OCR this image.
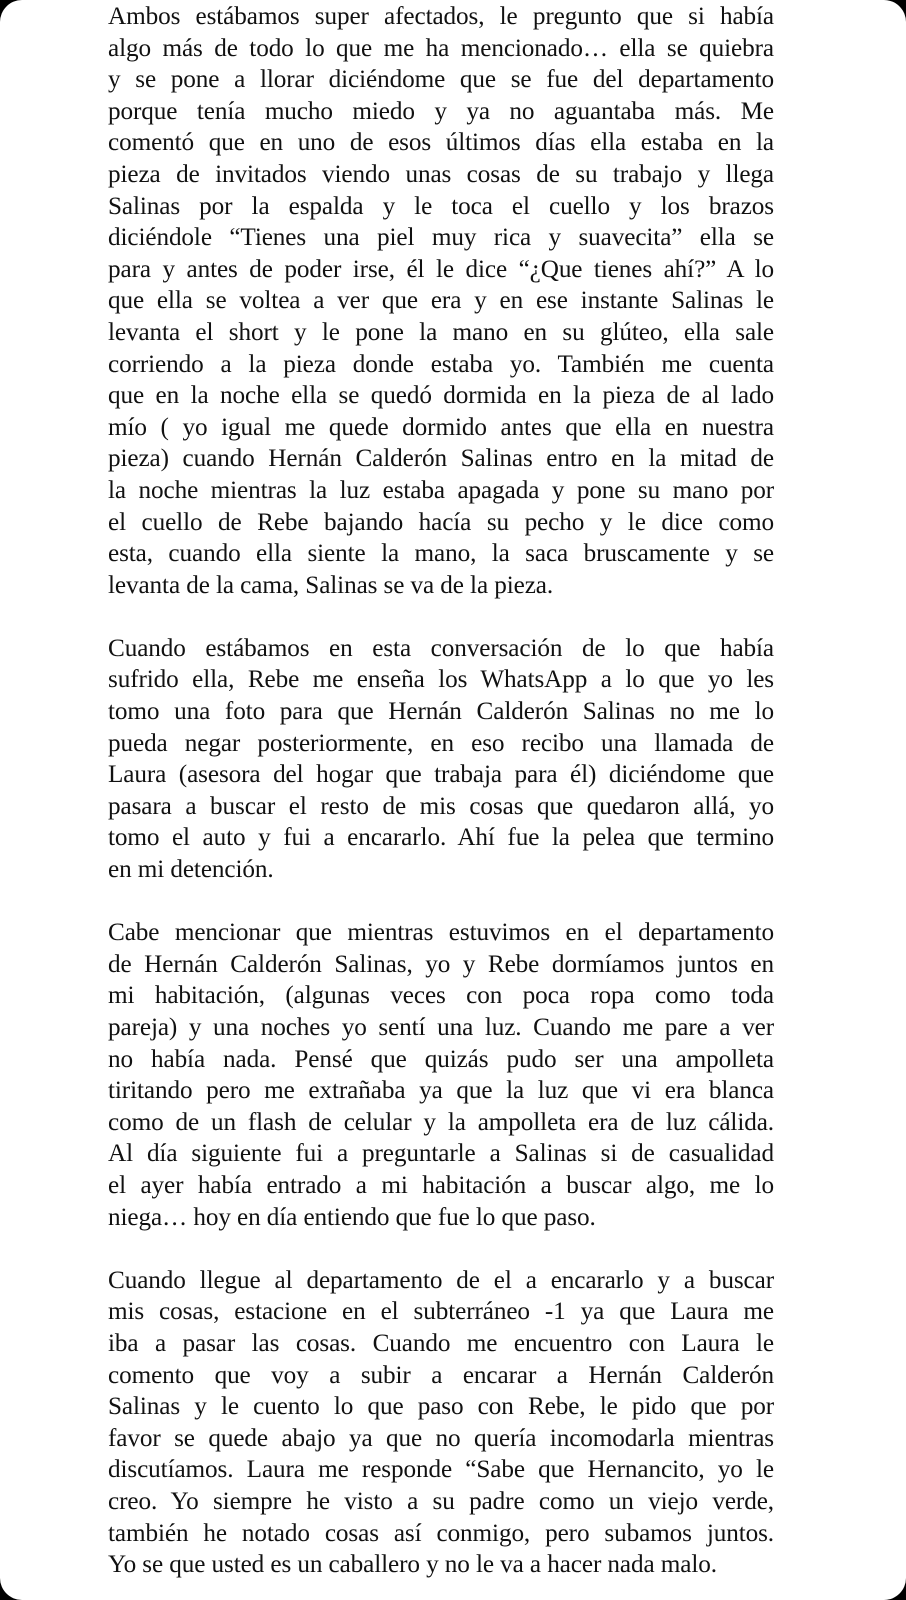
Ambos estábamos super afectados, le pregunto que si había
algo más de todo lo que me ha mencionado… ella se quiebra
y se pone a llorar diciéndome que se fue del departamento
porque tenía mucho miedo y ya no aguantaba más. Me
comentó que en uno de esos últimos días ella estaba en la
pieza de invitados viendo unas cosas de su trabajo y llega
Salinas por la espalda y le toca el cuello y los brazos
diciéndole “Tienes una piel muy rica y suavecita” ella se
para y antes de poder irse, él le dice “¿Que tienes ahí?” A lo
que ella se voltea a ver que era y en ese instante Salinas le
levanta el short y le pone la mano en su glúteo, ella sale
corriendo a la pieza donde estaba yo. También me cuenta
que en la noche ella se quedó dormida en la pieza de al lado
mío ( yo igual me quede dormido antes que ella en nuestra
pieza) cuando Hernán Calderón Salinas entro en la mitad de
la noche mientras la luz estaba apagada y pone su mano por
el cuello de Rebe bajando hacía su pecho y le dice como
esta, cuando ella siente la mano, la saca bruscamente y se
levanta de la cama, Salinas se va de la pieza.
Cuando estábamos en esta conversación de lo que había
sufrido ella, Rebe me enseña los WhatsApp a lo que yo les
tomo una foto para que Hernán Calderón Salinas no me lo
pueda negar posteriormente, en eso recibo una llamada de
Laura (asesora del hogar que trabaja para él) diciéndome que
pasara a buscar el resto de mis cosas que quedaron allá, yo
tomo el auto y fui a encararlo. Ahí fue la pelea que termino
en mi detención.
Cabe mencionar que mientras estuvimos en el departamento
de Hernán Calderón Salinas, yo y Rebe dormíamos juntos en
mi habitación, (algunas veces con poca ropa como toda
pareja) y una noches yo sentí una luz. Cuando me pare a ver
no había nada. Pensé que quizás pudo ser una ampolleta
tiritando pero me extrañaba ya que la luz que vi era blanca
como de un flash de celular y la ampolleta era de luz cálida.
Al día siguiente fui a preguntarle a Salinas si de casualidad
el ayer había entrado a mi habitación a buscar algo, me lo
niega… hoy en día entiendo que fue lo que paso.
Cuando llegue al departamento de el a encararlo y a buscar
mis cosas, estacione en el subterráneo -1 ya que Laura me
iba a pasar las cosas. Cuando me encuentro con Laura le
comento que voy a subir a encarar a Hernán Calderón
Salinas y le cuento lo que paso con Rebe, le pido que por
favor se quede abajo ya que no quería incomodarla mientras
discutíamos. Laura me responde “Sabe que Hernancito, yo le
creo. Yo siempre he visto a su padre como un viejo verde,
también he notado cosas así conmigo, pero subamos juntos.
Yo se que usted es un caballero y no le va a hacer nada malo.
